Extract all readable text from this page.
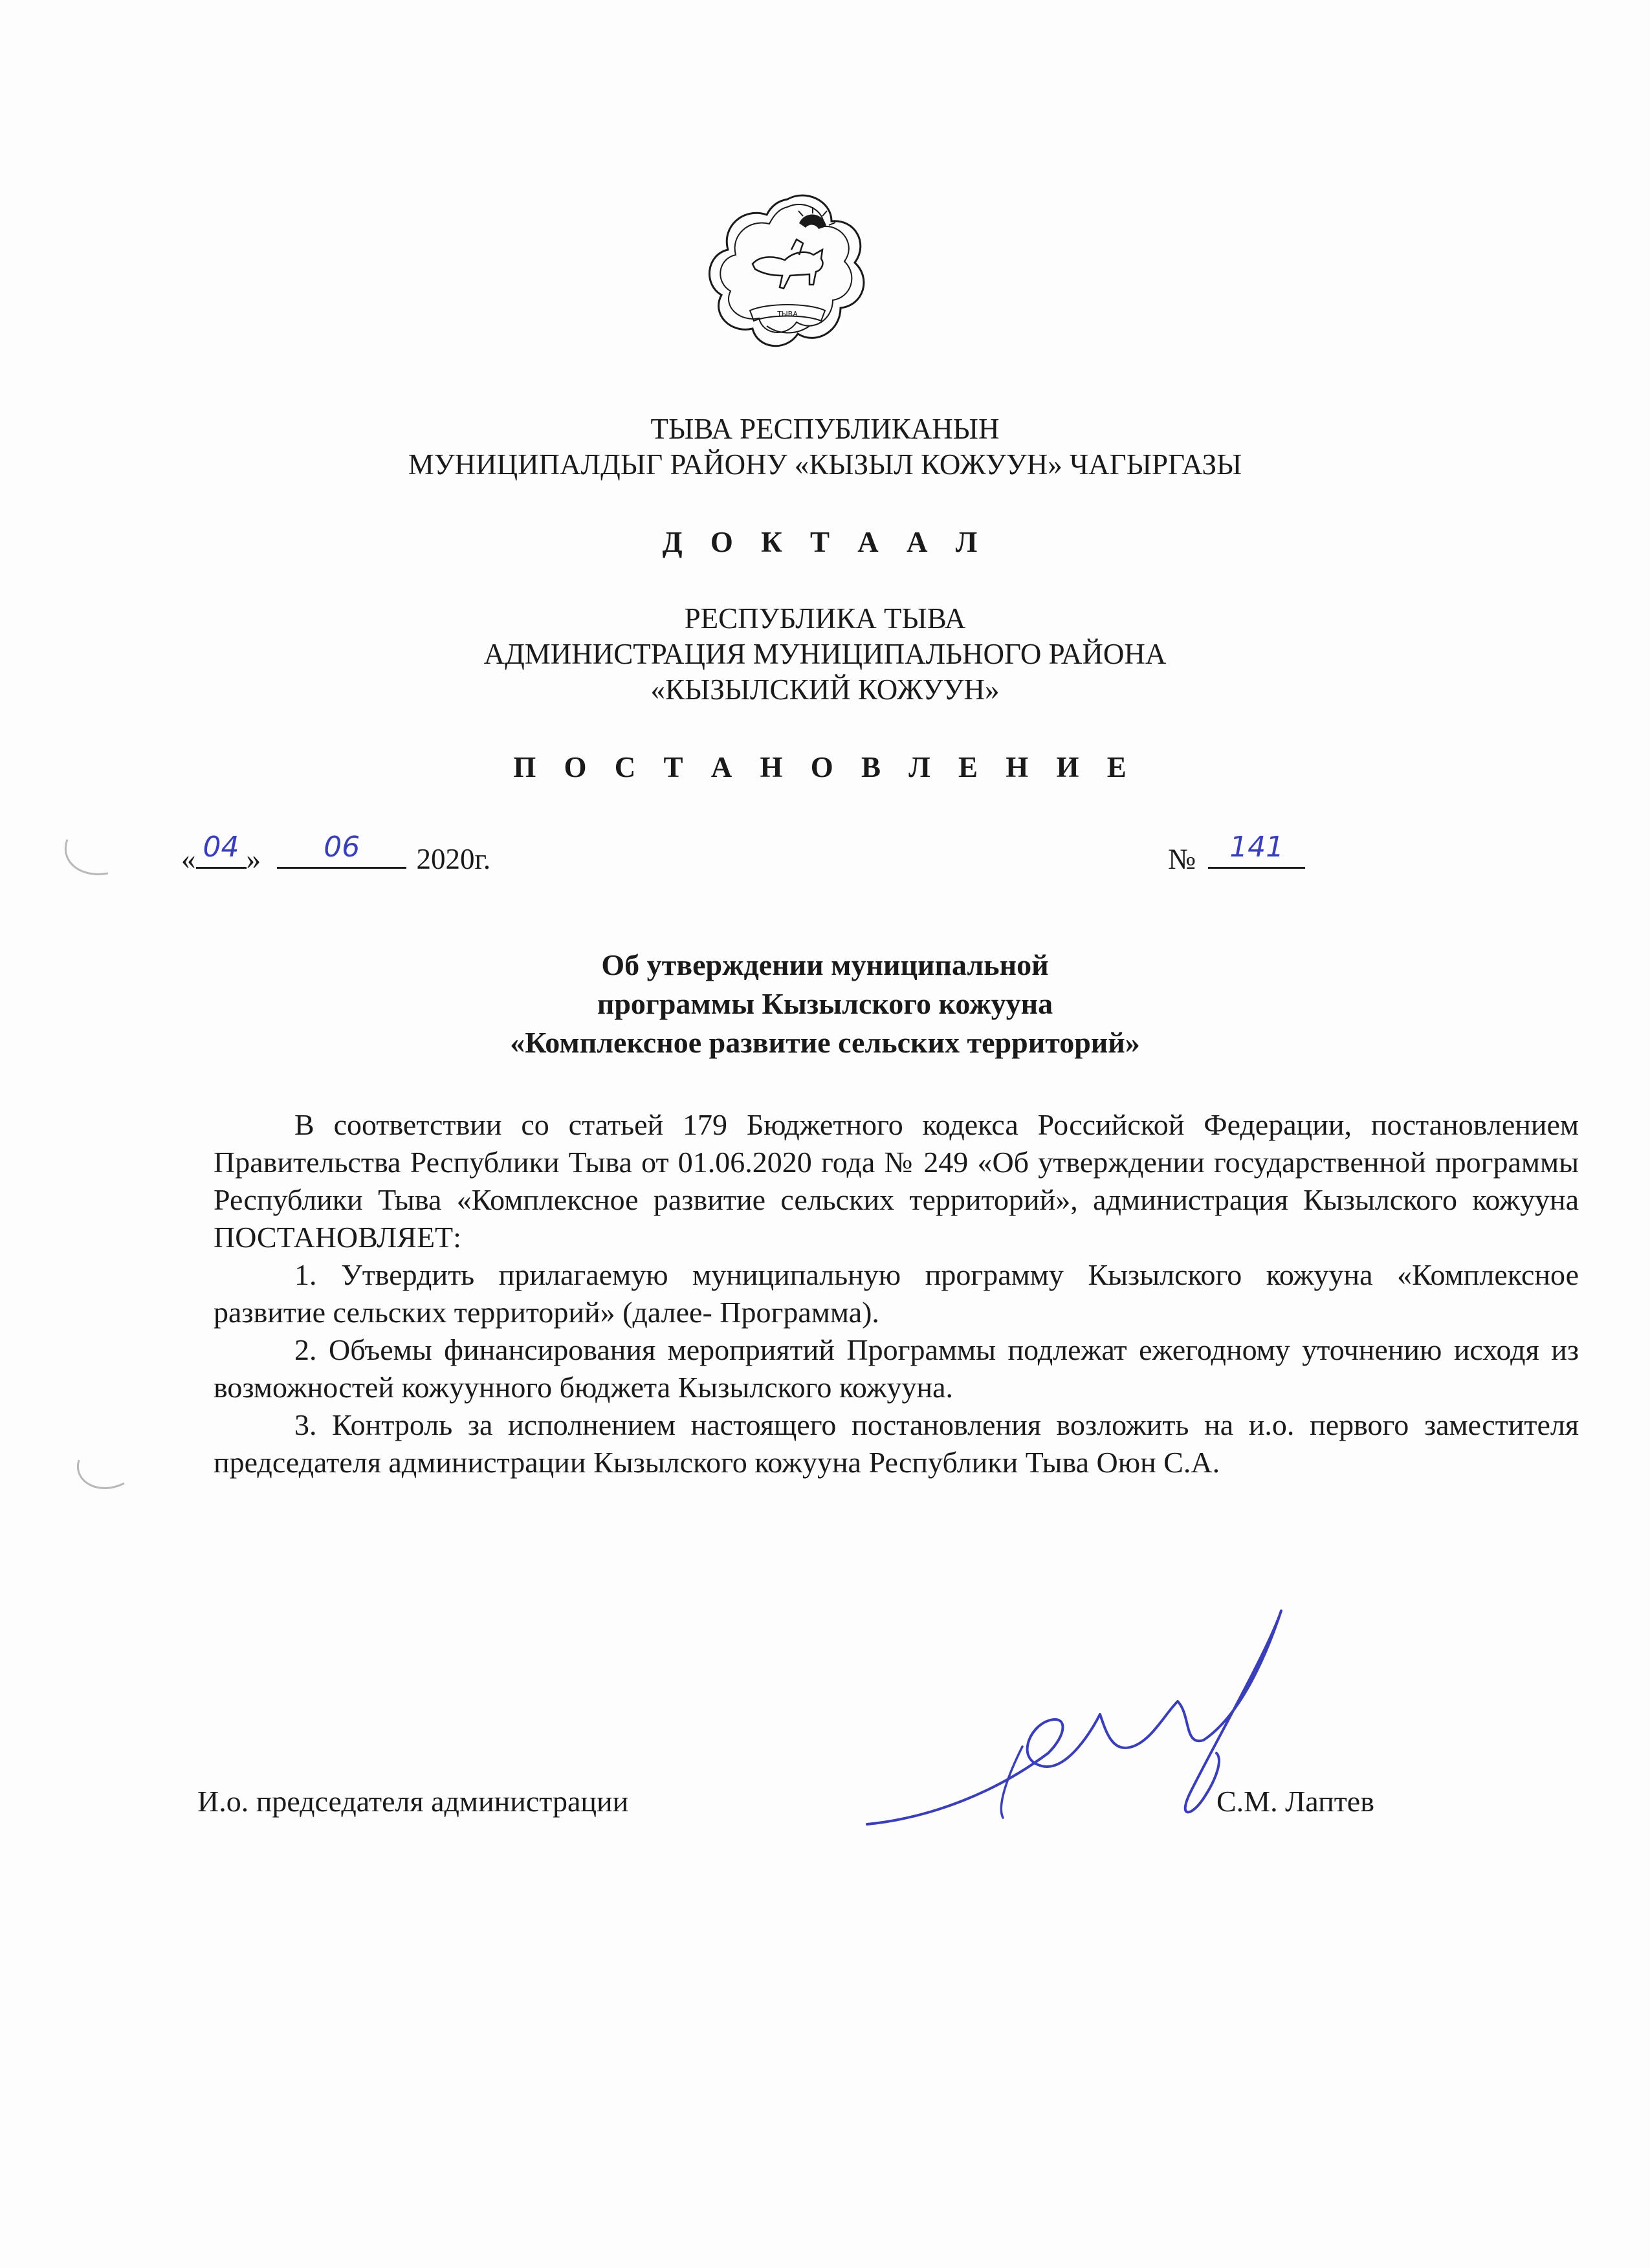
ТЫВА
ТЫВА РЕСПУБЛИКАНЫН
МУНИЦИПАЛДЫГ РАЙОНУ «КЫЗЫЛ КОЖУУН» ЧАГЫРГАЗЫ
Д О К Т А А Л
РЕСПУБЛИКА ТЫВА
АДМИНИСТРАЦИЯ МУНИЦИПАЛЬНОГО РАЙОНА
«КЫЗЫЛСКИЙ КОЖУУН»
П О С Т А Н О В Л Е Н И Е
« 04 »	06	2020г.	№	141
Об утверждении муниципальной
программы Кызылского кожууна
«Комплексное развитие сельских территорий»

В соответствии со статьей 179 Бюджетного кодекса Российской Федерации, постановлением Правительства Республики Тыва от 01.06.2020 года № 249 «Об утверждении государственной программы Республики Тыва «Комплексное развитие сельских территорий», администрация Кызылского кожууна ПОСТАНОВЛЯЕТ:

1. Утвердить прилагаемую муниципальную программу Кызылского кожууна «Комплексное развитие сельских территорий» (далее- Программа).

2. Объемы финансирования мероприятий Программы подлежат ежегодному уточнению исходя из возможностей кожуунного бюджета Кызылского кожууна.

3. Контроль за исполнением настоящего постановления возложить на и.о. первого заместителя председателя администрации Кызылского кожууна Республики Тыва Оюн С.А.

И.о. председателя администрации	С.М. Лаптев
